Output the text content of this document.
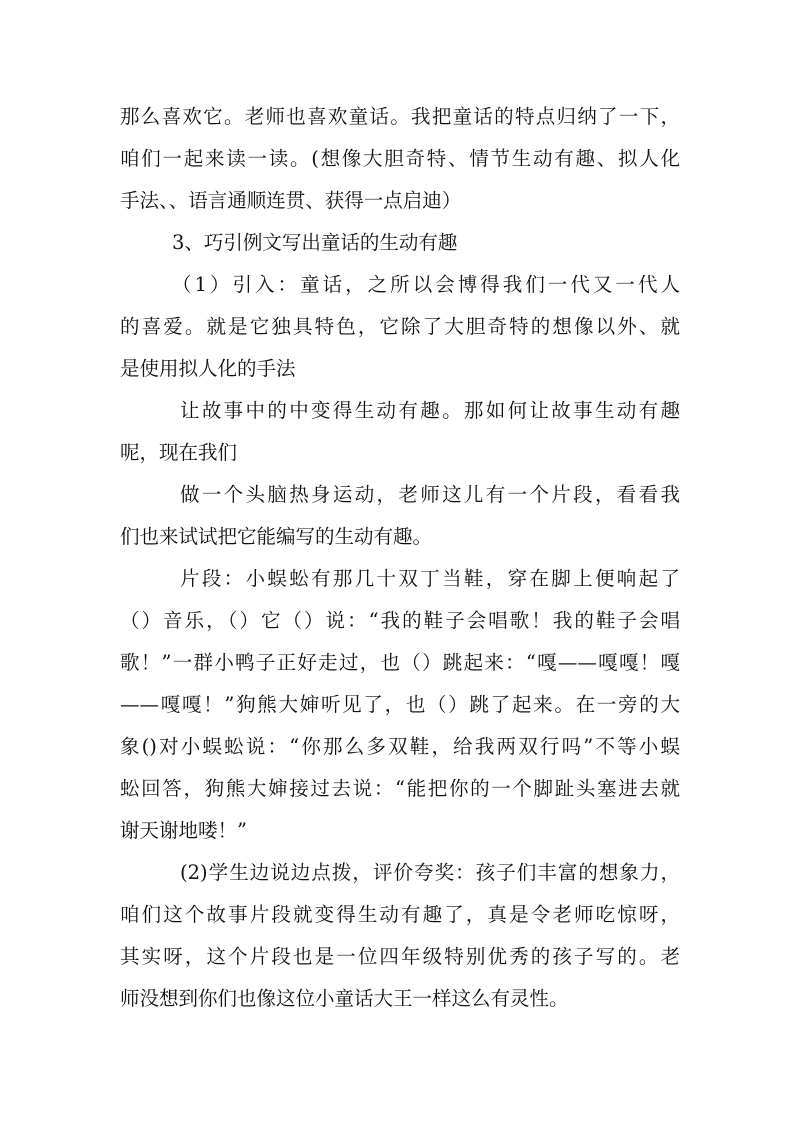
那么喜欢它。老师也喜欢童话。我把童话的特点归纳了一下，
咱们一起来读一读。(想像大胆奇特、情节生动有趣、拟人化
手法、、语言通顺连贯、获得一点启迪）
3、巧引例文写出童话的生动有趣
（1）引入：童话，之所以会博得我们一代又一代人
的喜爱。就是它独具特色，它除了大胆奇特的想像以外、就
是使用拟人化的手法
让故事中的中变得生动有趣。那如何让故事生动有趣
呢，现在我们
做一个头脑热身运动，老师这儿有一个片段，看看我
们也来试试把它能编写的生动有趣。
片段：小蜈蚣有那几十双丁当鞋，穿在脚上便响起了
（）音乐，（）它（）说：“我的鞋子会唱歌！我的鞋子会唱
歌！”一群小鸭子正好走过，也（）跳起来：“嘎——嘎嘎！嘎
——嘎嘎！”狗熊大婶听见了，也（）跳了起来。在一旁的大
象()对小蜈蚣说：“你那么多双鞋，给我两双行吗”不等小蜈
蚣回答，狗熊大婶接过去说：“能把你的一个脚趾头塞进去就
谢天谢地喽！”
(2)学生边说边点拨，评价夸奖：孩子们丰富的想象力，
咱们这个故事片段就变得生动有趣了，真是令老师吃惊呀，
其实呀，这个片段也是一位四年级特别优秀的孩子写的。老
师没想到你们也像这位小童话大王一样这么有灵性。
